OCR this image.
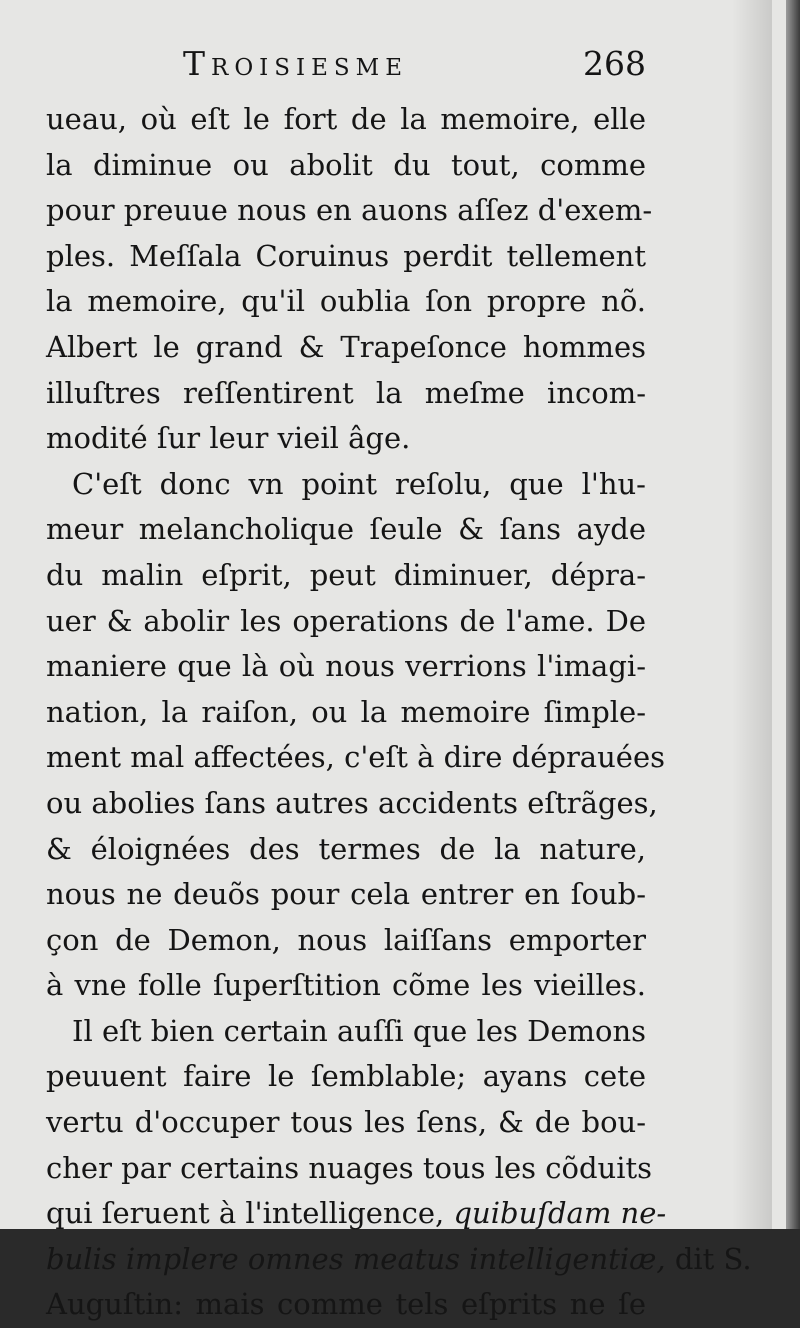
Troisiesme	268
ueau, où eſt le fort de la memoire, elle
la diminue ou abolit du tout, comme
pour preuue nous en auons aſſez d'exem-
ples. Meſſala Coruinus perdit tellement
la memoire, qu'il oublia ſon propre nõ.
Albert le grand & Trapeſonce hommes
illuſtres reſſentirent la meſme incom-
modité ſur leur vieil âge.
C'eſt donc vn point reſolu, que l'hu-
meur melancholique ſeule & ſans ayde
du malin eſprit, peut diminuer, dépra-
uer & abolir les operations de l'ame. De
maniere que là où nous verrions l'imagi-
nation, la raiſon, ou la memoire ſimple-
ment mal affectées, c'eſt à dire déprauées
ou abolies ſans autres accidents eſtrãges,
& éloignées des termes de la nature,
nous ne deuõs pour cela entrer en ſoub-
çon de Demon, nous laiſſans emporter
à vne folle ſuperſtition cõme les vieilles.
Il eſt bien certain auſſi que les Demons
peuuent faire le ſemblable; ayans cete
vertu d'occuper tous les ſens, & de bou-
cher par certains nuages tous les cõduits
qui ſeruent à l'intelligence, quibuſdam ne-
bulis implere omnes meatus intelligentiæ, dit S.
Auguſtin: mais comme tels eſprits ne ſe
